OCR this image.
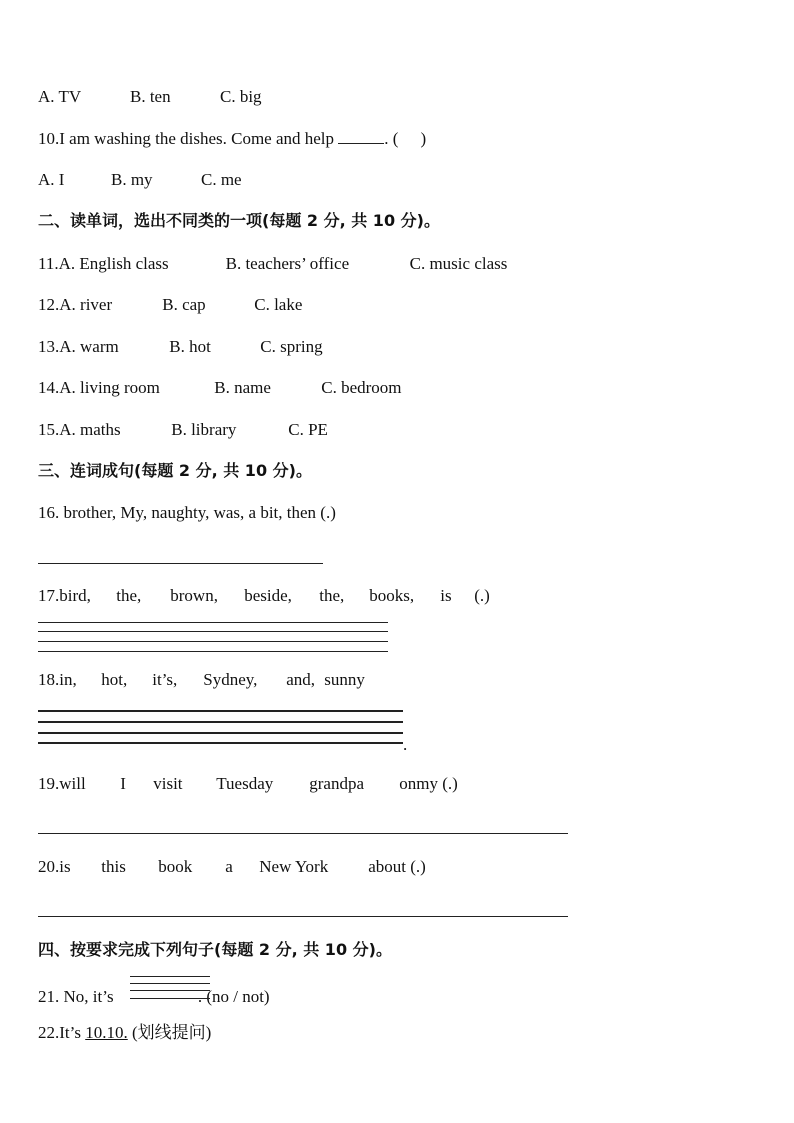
A. TV	B. ten	C. big
10.I am washing the dishes. Come and help	. ( )
A. I	B. my	C. me
二、读单词，选出不同类的一项(每题 2 分, 共 10 分)。
11.A. English class	B. teachers’ office	C. music class
12.A. river	B. cap	C. lake
13.A. warm	B. hot	C. spring
14.A. living room	B. name	C. bedroom
15.A. maths	B. library	C. PE
三、连词成句(每题 2 分, 共 10 分)。
16. brother, My, naughty, was, a bit, then (.)
17.bird, the, brown, beside, the, books, is (.)
18.in, hot, it’s, Sydney, and, sunny
.
19.will I visit Tuesday grandpa onmy (.)
20.is this book a New York about (.)
四、按要求完成下列句子(每题 2 分, 共 10 分)。
21. No, it’s	. (no / not)
22.It’s 10.10. (划线提问)
